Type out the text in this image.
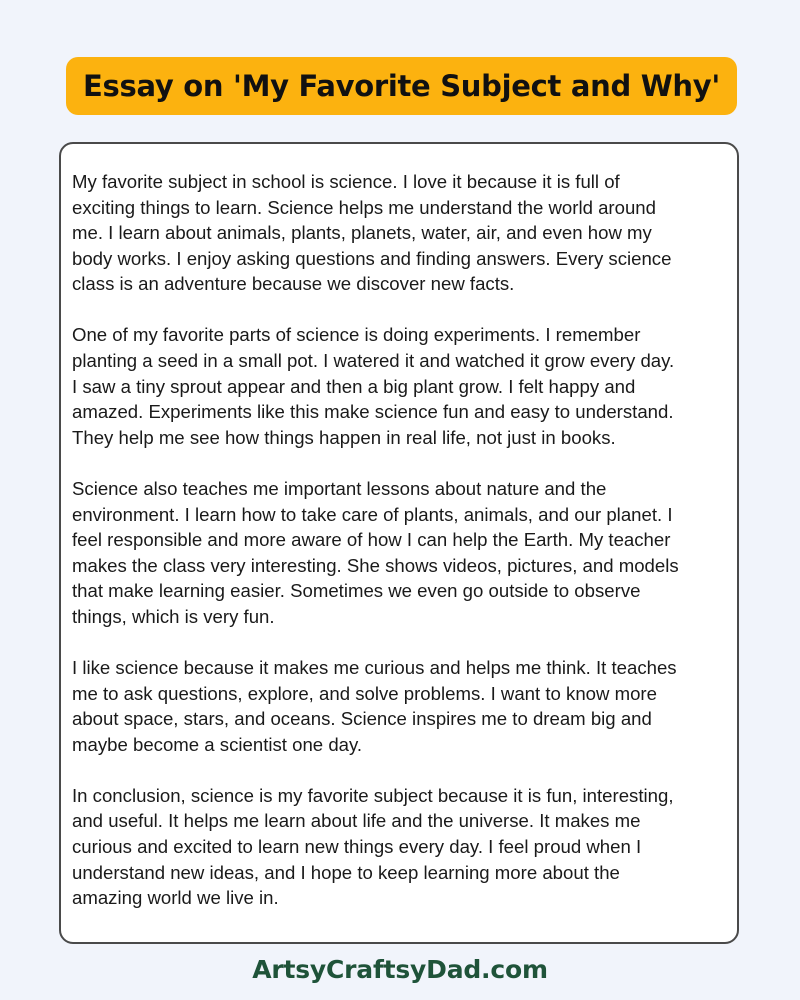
Essay on 'My Favorite Subject and Why'

My favorite subject in school is science. I love it because it is full of
exciting things to learn. Science helps me understand the world around
me. I learn about animals, plants, planets, water, air, and even how my
body works. I enjoy asking questions and finding answers. Every science
class is an adventure because we discover new facts.

One of my favorite parts of science is doing experiments. I remember
planting a seed in a small pot. I watered it and watched it grow every day.
I saw a tiny sprout appear and then a big plant grow. I felt happy and
amazed. Experiments like this make science fun and easy to understand.
They help me see how things happen in real life, not just in books.

Science also teaches me important lessons about nature and the
environment. I learn how to take care of plants, animals, and our planet. I
feel responsible and more aware of how I can help the Earth. My teacher
makes the class very interesting. She shows videos, pictures, and models
that make learning easier. Sometimes we even go outside to observe
things, which is very fun.

I like science because it makes me curious and helps me think. It teaches
me to ask questions, explore, and solve problems. I want to know more
about space, stars, and oceans. Science inspires me to dream big and
maybe become a scientist one day.

In conclusion, science is my favorite subject because it is fun, interesting,
and useful. It helps me learn about life and the universe. It makes me
curious and excited to learn new things every day. I feel proud when I
understand new ideas, and I hope to keep learning more about the
amazing world we live in.

ArtsyCraftsyDad.com
